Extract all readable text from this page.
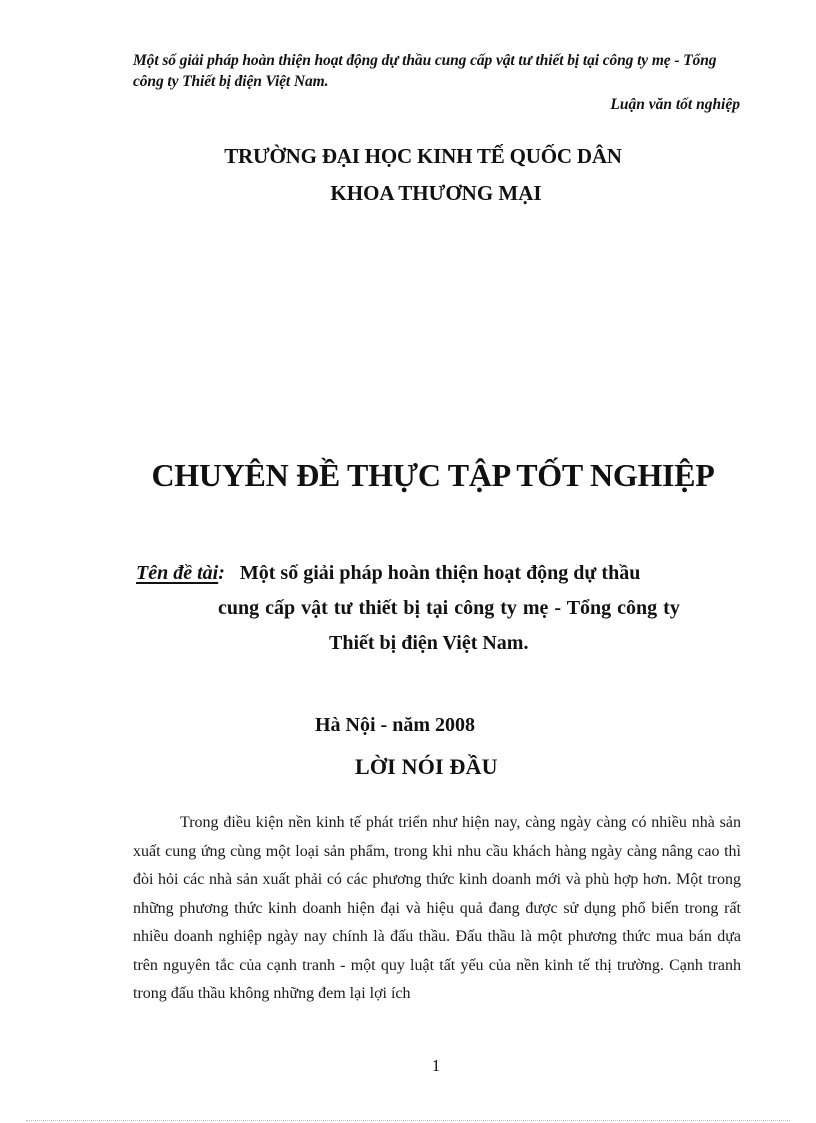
Một số giải pháp hoàn thiện hoạt động dự thầu cung cấp vật tư thiết bị tại công ty mẹ - Tổng công ty Thiết bị điện Việt Nam.
Luận văn tốt nghiệp
TRƯỜNG ĐẠI HỌC KINH TẾ QUỐC DÂN
KHOA THƯƠNG MẠI
CHUYÊN ĐỀ THỰC TẬP TỐT NGHIỆP
Tên đề tài: Một số giải pháp hoàn thiện hoạt động dự thầu
cung cấp vật tư thiết bị tại công ty mẹ - Tổng công ty
Thiết bị điện Việt Nam.
Hà Nội - năm 2008
LỜI NÓI ĐẦU
Trong điều kiện nền kinh tế phát triển như hiện nay, càng ngày càng có nhiều nhà sản xuất cung ứng cùng một loại sản phẩm, trong khi nhu cầu khách hàng ngày càng nâng cao thì đòi hỏi các nhà sản xuất phải có các phương thức kinh doanh mới và phù hợp hơn. Một trong những phương thức kinh doanh hiện đại và hiệu quả đang được sử dụng phổ biến trong rất nhiều doanh nghiệp ngày nay chính là đấu thầu. Đấu thầu là một phương thức mua bán dựa trên nguyên tắc của cạnh tranh - một quy luật tất yếu của nền kinh tế thị trường. Cạnh tranh trong đấu thầu không những đem lại lợi ích
1
